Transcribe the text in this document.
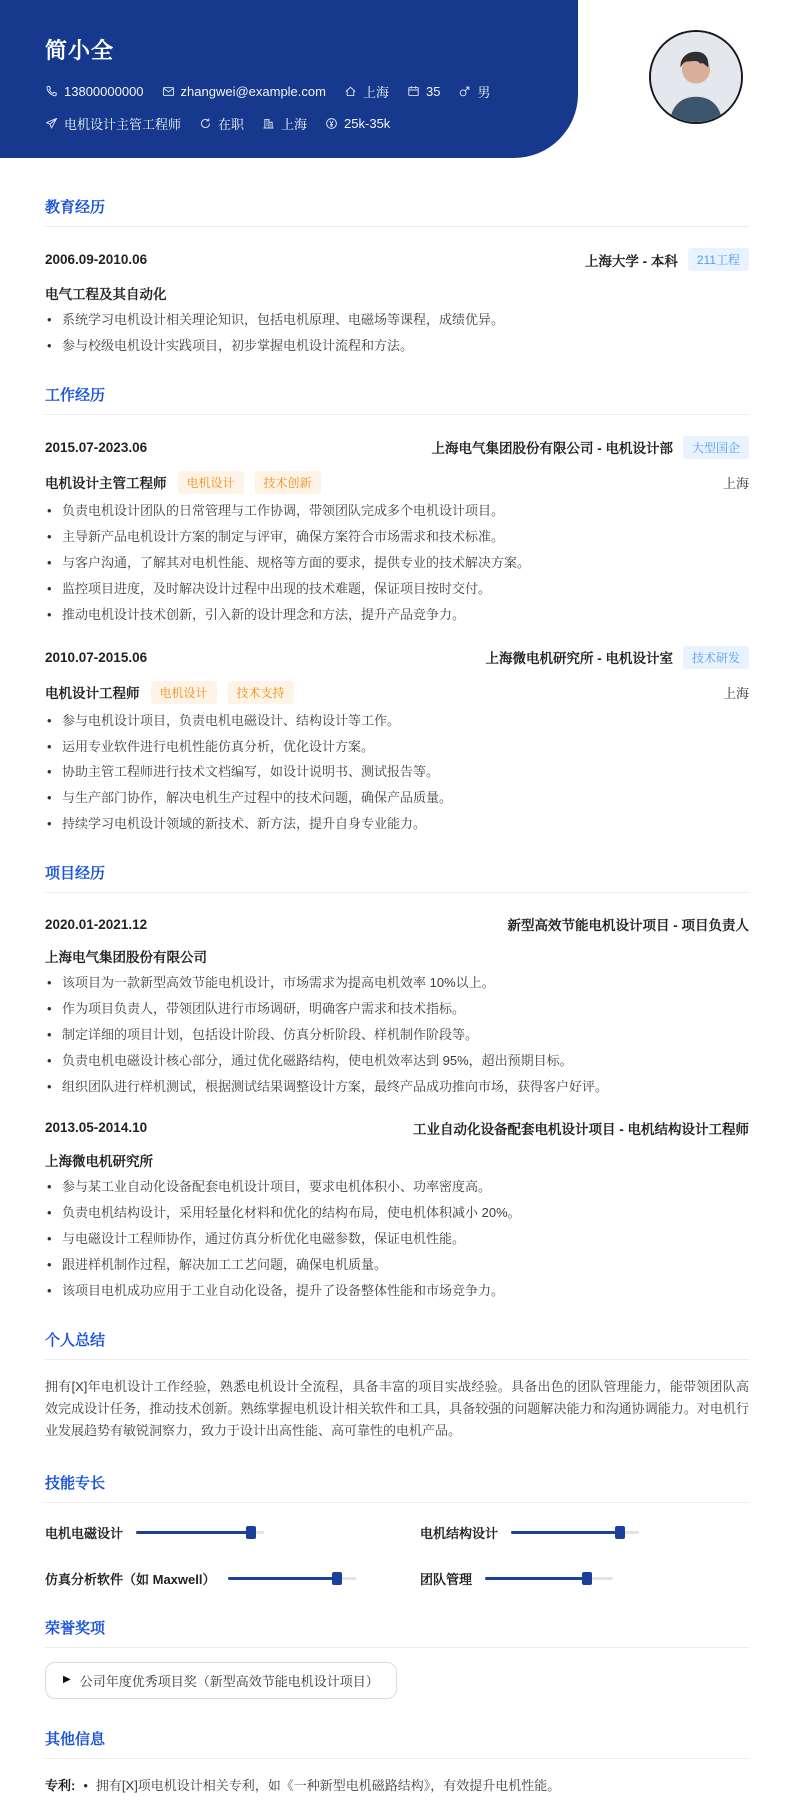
简小全
13800000000	zhangwei@example.com	上海	35	男
电机设计主管工程师	在职	上海	25k-35k
教育经历
2006.09-2010.06	上海大学 - 本科	211工程
电气工程及其自动化
• 系统学习电机设计相关理论知识，包括电机原理、电磁场等课程，成绩优异。
• 参与校级电机设计实践项目，初步掌握电机设计流程和方法。
工作经历
2015.07-2023.06	上海电气集团股份有限公司 - 电机设计部	大型国企
电机设计主管工程师	电机设计	技术创新	上海
• 负责电机设计团队的日常管理与工作协调，带领团队完成多个电机设计项目。
• 主导新产品电机设计方案的制定与评审，确保方案符合市场需求和技术标准。
• 与客户沟通，了解其对电机性能、规格等方面的要求，提供专业的技术解决方案。
• 监控项目进度，及时解决设计过程中出现的技术难题，保证项目按时交付。
• 推动电机设计技术创新，引入新的设计理念和方法，提升产品竞争力。
2010.07-2015.06	上海微电机研究所 - 电机设计室	技术研发
电机设计工程师	电机设计	技术支持	上海
• 参与电机设计项目，负责电机电磁设计、结构设计等工作。
• 运用专业软件进行电机性能仿真分析，优化设计方案。
• 协助主管工程师进行技术文档编写，如设计说明书、测试报告等。
• 与生产部门协作，解决电机生产过程中的技术问题，确保产品质量。
• 持续学习电机设计领域的新技术、新方法，提升自身专业能力。
项目经历
2020.01-2021.12	新型高效节能电机设计项目 - 项目负责人
上海电气集团股份有限公司
• 该项目为一款新型高效节能电机设计，市场需求为提高电机效率 10%以上。
• 作为项目负责人，带领团队进行市场调研，明确客户需求和技术指标。
• 制定详细的项目计划，包括设计阶段、仿真分析阶段、样机制作阶段等。
• 负责电机电磁设计核心部分，通过优化磁路结构，使电机效率达到 95%，超出预期目标。
• 组织团队进行样机测试，根据测试结果调整设计方案，最终产品成功推向市场，获得客户好评。
2013.05-2014.10	工业自动化设备配套电机设计项目 - 电机结构设计工程师
上海微电机研究所
• 参与某工业自动化设备配套电机设计项目，要求电机体积小、功率密度高。
• 负责电机结构设计，采用轻量化材料和优化的结构布局，使电机体积减小 20%。
• 与电磁设计工程师协作，通过仿真分析优化电磁参数，保证电机性能。
• 跟进样机制作过程，解决加工工艺问题，确保电机质量。
• 该项目电机成功应用于工业自动化设备，提升了设备整体性能和市场竞争力。
个人总结
拥有[X]年电机设计工作经验，熟悉电机设计全流程，具备丰富的项目实战经验。具备出色的团队管理能力，能带领团队高效完成设计任务，推动技术创新。熟练掌握电机设计相关软件和工具，具备较强的问题解决能力和沟通协调能力。对电机行业发展趋势有敏锐洞察力，致力于设计出高性能、高可靠性的电机产品。
技能专长
电机电磁设计	电机结构设计
仿真分析软件（如 Maxwell）	团队管理
荣誉奖项
▶ 公司年度优秀项目奖（新型高效节能电机设计项目）
其他信息
专利: • 拥有[X]项电机设计相关专利，如《一种新型电机磁路结构》，有效提升电机性能。
